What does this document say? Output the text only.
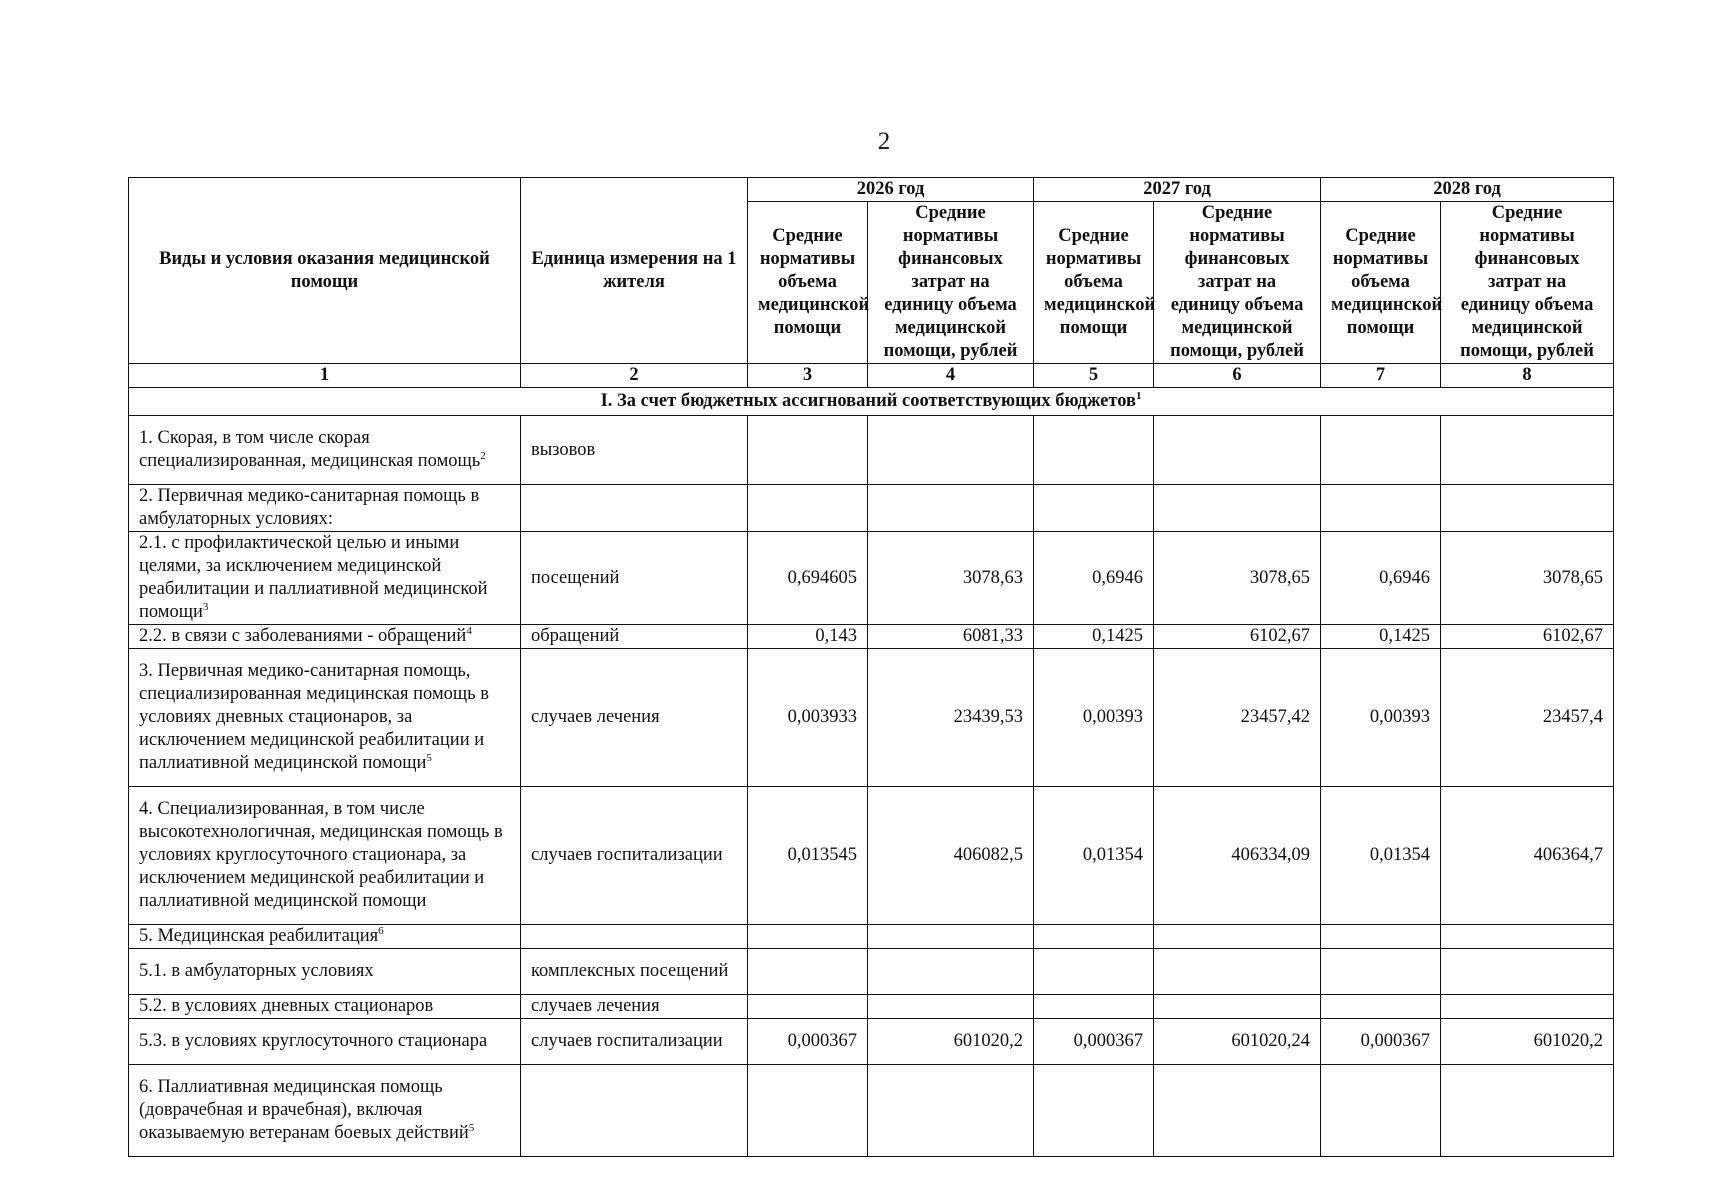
2
Виды и условия оказания медицинской помощи	Единица измерения на 1 жителя	2026 год		2027 год		2028 год	
		Средние нормативы объема медицинской помощи	Средние нормативы финансовых затрат на единицу объема медицинской помощи, рублей	Средние нормативы объема медицинской помощи	Средние нормативы финансовых затрат на единицу объема медицинской помощи, рублей	Средние нормативы объема медицинской помощи	Средние нормативы финансовых затрат на единицу объема медицинской помощи, рублей
1	2	3	4	5	6	7	8
I. За счет бюджетных ассигнований соответствующих бюджетов$^1$
1. Скорая, в том числе скорая специализированная, медицинская помощь$^2$	вызовов						
2. Первичная медико-санитарная помощь в амбулаторных условиях:							
2.1. с профилактической целью и иными целями, за исключением медицинской реабилитации и паллиативной медицинской помощи$^3$	посещений	0,694605	3078,63	0,6946	3078,65	0,6946	3078,65
2.2. в связи с заболеваниями - обращений$^4$	обращений	0,143	6081,33	0,1425	6102,67	0,1425	6102,67
3. Первичная медико-санитарная помощь, специализированная медицинская помощь в условиях дневных стационаров, за исключением медицинской реабилитации и паллиативной медицинской помощи$^5$	случаев лечения	0,003933	23439,53	0,00393	23457,42	0,00393	23457,4
4. Специализированная, в том числе высокотехнологичная, медицинская помощь в условиях круглосуточного стационара, за исключением медицинской реабилитации и паллиативной медицинской помощи	случаев госпитализации	0,013545	406082,5	0,01354	406334,09	0,01354	406364,7
5. Медицинская реабилитация$^6$							
5.1. в амбулаторных условиях	комплексных посещений						
5.2. в условиях дневных стационаров	случаев лечения						
5.3. в условиях круглосуточного стационара	случаев госпитализации	0,000367	601020,2	0,000367	601020,24	0,000367	601020,2
6. Паллиативная медицинская помощь (доврачебная и врачебная), включая оказываемую ветеранам боевых действий$^5$							
